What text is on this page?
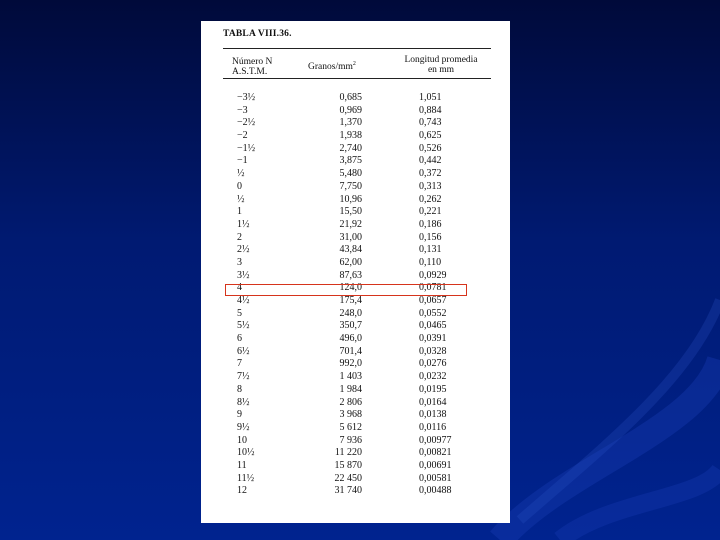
TABLA VIII.36.
Número N
A.S.T.M.	Granos/$mm^2$	Longitud promedia
en mm
−3½	0,685	1,051
−3	0,969	0,884
−2½	1,370	0,743
−2	1,938	0,625
−1½	2,740	0,526
−1	3,875	0,442
½	5,480	0,372
0	7,750	0,313
½	10,96	0,262
1	15,50	0,221
1½	21,92	0,186
2	31,00	0,156
2½	43,84	0,131
3	62,00	0,110
3½	87,63	0,0929
4	124,0	0,0781
4½	175,4	0,0657
5	248,0	0,0552
5½	350,7	0,0465
6	496,0	0,0391
6½	701,4	0,0328
7	992,0	0,0276
7½	1 403	0,0232
8	1 984	0,0195
8½	2 806	0,0164
9	3 968	0,0138
9½	5 612	0,0116
10	7 936	0,00977
10½	11 220	0,00821
11	15 870	0,00691
11½	22 450	0,00581
12	31 740	0,00488
